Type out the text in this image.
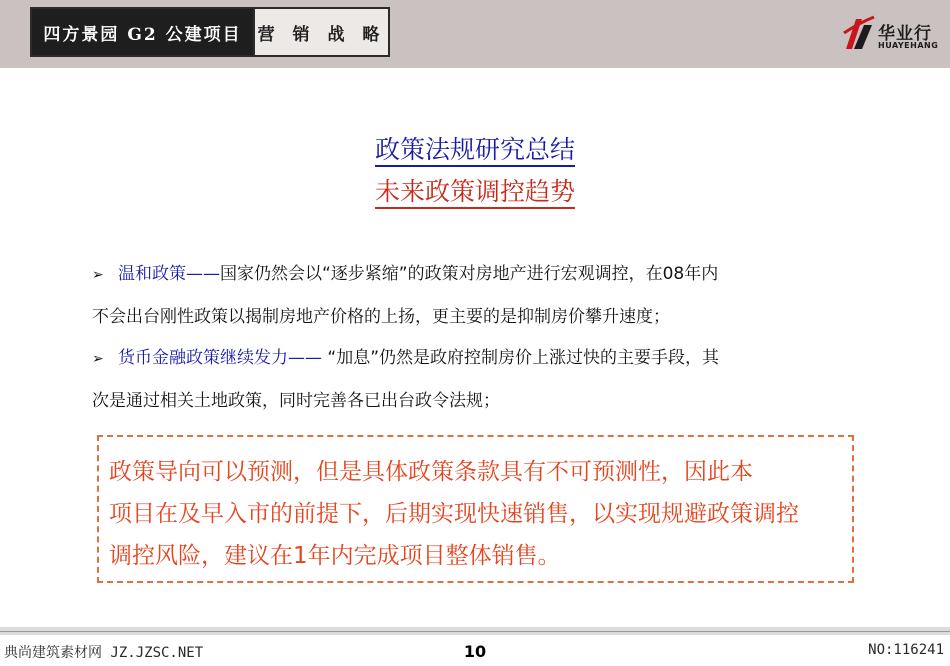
四方景园 G2 公建项目 营 销 战 略	华业行
HUAYEHANG
政策法规研究总结
未来政策调控趋势
➢ 温和政策——国家仍然会以“逐步紧缩”的政策对房地产进行宏观调控，在08年内
不会出台刚性政策以揭制房地产价格的上扬，更主要的是抑制房价攀升速度；
➢ 货币金融政策继续发力—— “加息”仍然是政府控制房价上涨过快的主要手段，其
次是通过相关土地政策，同时完善各已出台政令法规；
政策导向可以预测，但是具体政策条款具有不可预测性，因此本
项目在及早入市的前提下，后期实现快速销售，以实现规避政策调控
调控风险，建议在1年内完成项目整体销售。
典尚建筑素材网 JZ.JZSC.NET	10	NO:116241
